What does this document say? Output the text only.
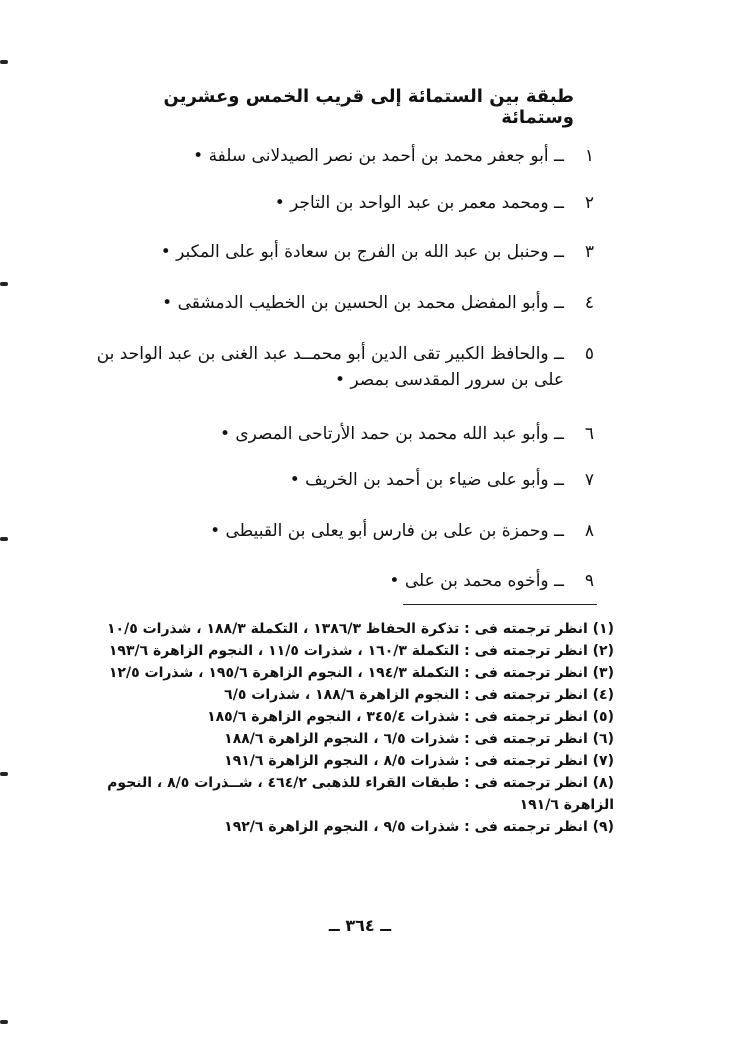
طبقة بين الستمائة إلى قريب الخمس وعشرين وستمائة
١
ــ أبو جعفر محمد بن أحمد بن نصر الصيدلانى سلفة •
٢
ــ ومحمد معمر بن عبد الواحد بن التاجر •
٣
ــ وحنبل بن عبد الله بن الفرج بن سعادة أبو على المكبر •
٤
ــ وأبو المفضل محمد بن الحسين بن الخطيب الدمشقى •
٥
ــ والحافظ الكبير تقى الدين أبو محمــد عبد الغنى بن عبد الواحد بن على بن سرور المقدسى بمصر •
٦
ــ وأبو عبد الله محمد بن حمد الأرتاحى المصرى •
٧
ــ وأبو على ضياء بن أحمد بن الخريف •
٨
ــ وحمزة بن على بن فارس أبو يعلى بن القبيطى •
٩
ــ وأخوه محمد بن على •

(١) انظر ترجمته فى : تذكرة الحفاظ ١٣٨٦/٣ ، التكملة ١٨٨/٣ ، شذرات ١٠/٥

(٢) انظر ترجمته فى : التكملة ١٦٠/٣ ، شذرات ١١/٥ ، النجوم الزاهرة ١٩٣/٦

(٣) انظر ترجمته فى : التكملة ١٩٤/٣ ، النجوم الزاهرة ١٩٥/٦ ، شذرات ١٢/٥

(٤) انظر ترجمته فى : النجوم الزاهرة ١٨٨/٦ ، شذرات ٦/٥

(٥) انظر ترجمته فى : شذرات ٣٤٥/٤ ، النجوم الزاهرة ١٨٥/٦

(٦) انظر ترجمته فى : شذرات ٦/٥ ، النجوم الزاهرة ١٨٨/٦

(٧) انظر ترجمته فى : شذرات ٨/٥ ، النجوم الزاهرة ١٩١/٦

(٨) انظر ترجمته فى : طبقات القراء للذهبى ٤٦٤/٢ ، شــذرات ٨/٥ ، النجوم الزاهرة ١٩١/٦

(٩) انظر ترجمته فى : شذرات ٩/٥ ، النجوم الزاهرة ١٩٢/٦

ــ ٣٦٤ ــ
